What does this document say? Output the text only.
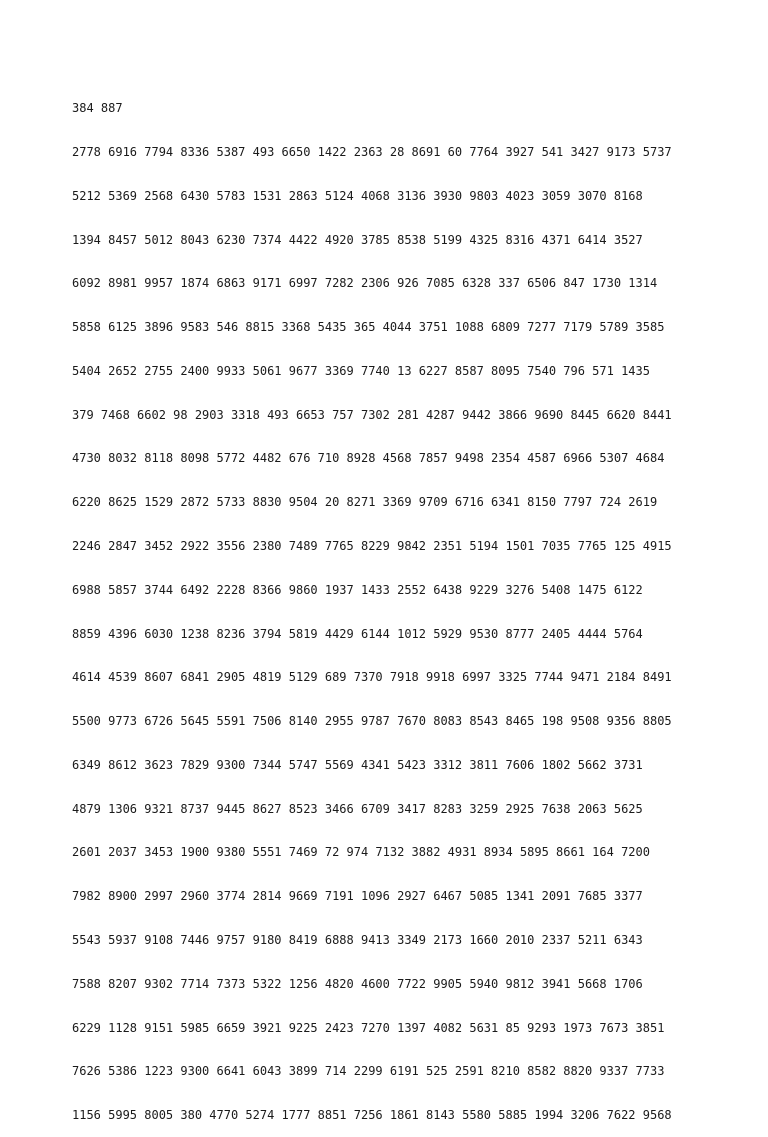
384 887

2778 6916 7794 8336 5387 493 6650 1422 2363 28 8691 60 7764 3927 541 3427 9173 5737

5212 5369 2568 6430 5783 1531 2863 5124 4068 3136 3930 9803 4023 3059 3070 8168

1394 8457 5012 8043 6230 7374 4422 4920 3785 8538 5199 4325 8316 4371 6414 3527

6092 8981 9957 1874 6863 9171 6997 7282 2306 926 7085 6328 337 6506 847 1730 1314

5858 6125 3896 9583 546 8815 3368 5435 365 4044 3751 1088 6809 7277 7179 5789 3585

5404 2652 2755 2400 9933 5061 9677 3369 7740 13 6227 8587 8095 7540 796 571 1435

379 7468 6602 98 2903 3318 493 6653 757 7302 281 4287 9442 3866 9690 8445 6620 8441

4730 8032 8118 8098 5772 4482 676 710 8928 4568 7857 9498 2354 4587 6966 5307 4684

6220 8625 1529 2872 5733 8830 9504 20 8271 3369 9709 6716 6341 8150 7797 724 2619

2246 2847 3452 2922 3556 2380 7489 7765 8229 9842 2351 5194 1501 7035 7765 125 4915

6988 5857 3744 6492 2228 8366 9860 1937 1433 2552 6438 9229 3276 5408 1475 6122

8859 4396 6030 1238 8236 3794 5819 4429 6144 1012 5929 9530 8777 2405 4444 5764

4614 4539 8607 6841 2905 4819 5129 689 7370 7918 9918 6997 3325 7744 9471 2184 8491

5500 9773 6726 5645 5591 7506 8140 2955 9787 7670 8083 8543 8465 198 9508 9356 8805

6349 8612 3623 7829 9300 7344 5747 5569 4341 5423 3312 3811 7606 1802 5662 3731

4879 1306 9321 8737 9445 8627 8523 3466 6709 3417 8283 3259 2925 7638 2063 5625

2601 2037 3453 1900 9380 5551 7469 72 974 7132 3882 4931 8934 5895 8661 164 7200

7982 8900 2997 2960 3774 2814 9669 7191 1096 2927 6467 5085 1341 2091 7685 3377

5543 5937 9108 7446 9757 9180 8419 6888 9413 3349 2173 1660 2010 2337 5211 6343

7588 8207 9302 7714 7373 5322 1256 4820 4600 7722 9905 5940 9812 3941 5668 1706

6229 1128 9151 5985 6659 3921 9225 2423 7270 1397 4082 5631 85 9293 1973 7673 3851

7626 5386 1223 9300 6641 6043 3899 714 2299 6191 525 2591 8210 8582 8820 9337 7733

1156 5995 8005 380 4770 5274 1777 8851 7256 1861 8143 5580 5885 1994 3206 7622 9568
